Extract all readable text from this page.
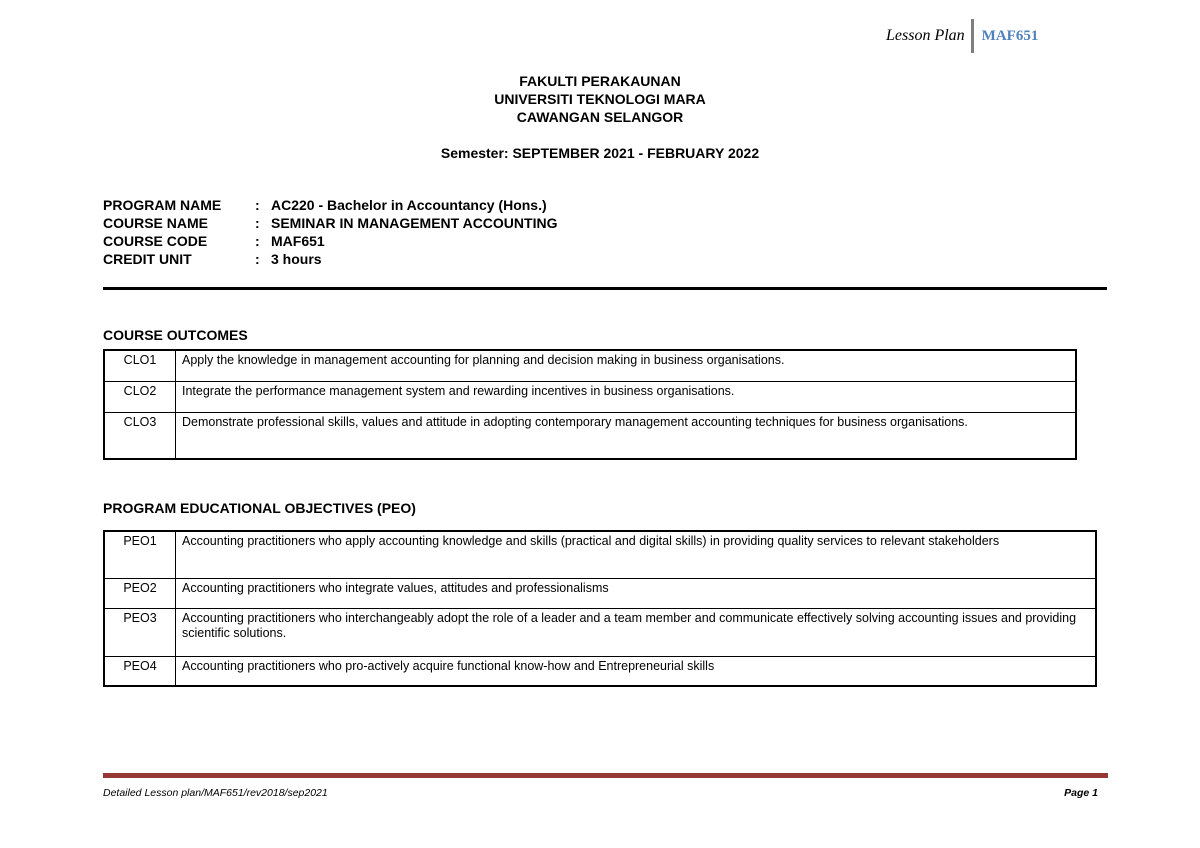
Lesson Plan	MAF651
FAKULTI PERAKAUNAN
UNIVERSITI TEKNOLOGI MARA
CAWANGAN SELANGOR
Semester: SEPTEMBER 2021 - FEBRUARY 2022
PROGRAM NAME	: AC220 - Bachelor in Accountancy (Hons.)
COURSE NAME	: SEMINAR IN MANAGEMENT ACCOUNTING
COURSE CODE	: MAF651
CREDIT UNIT	: 3 hours
COURSE OUTCOMES
CLO1	Apply the knowledge in management accounting for planning and decision making in business organisations.
CLO2	Integrate the performance management system and rewarding incentives in business organisations.
CLO3	Demonstrate professional skills, values and attitude in adopting contemporary management accounting techniques for business organisations.
PROGRAM EDUCATIONAL OBJECTIVES (PEO)
PEO1	Accounting practitioners who apply accounting knowledge and skills (practical and digital skills) in providing quality services to relevant stakeholders
PEO2	Accounting practitioners who integrate values, attitudes and professionalisms
PEO3	Accounting practitioners who interchangeably adopt the role of a leader and a team member and communicate effectively solving accounting issues and providing scientific solutions.
PEO4	Accounting practitioners who pro-actively acquire functional know-how and Entrepreneurial skills
Detailed Lesson plan/MAF651/rev2018/sep2021	Page 1
